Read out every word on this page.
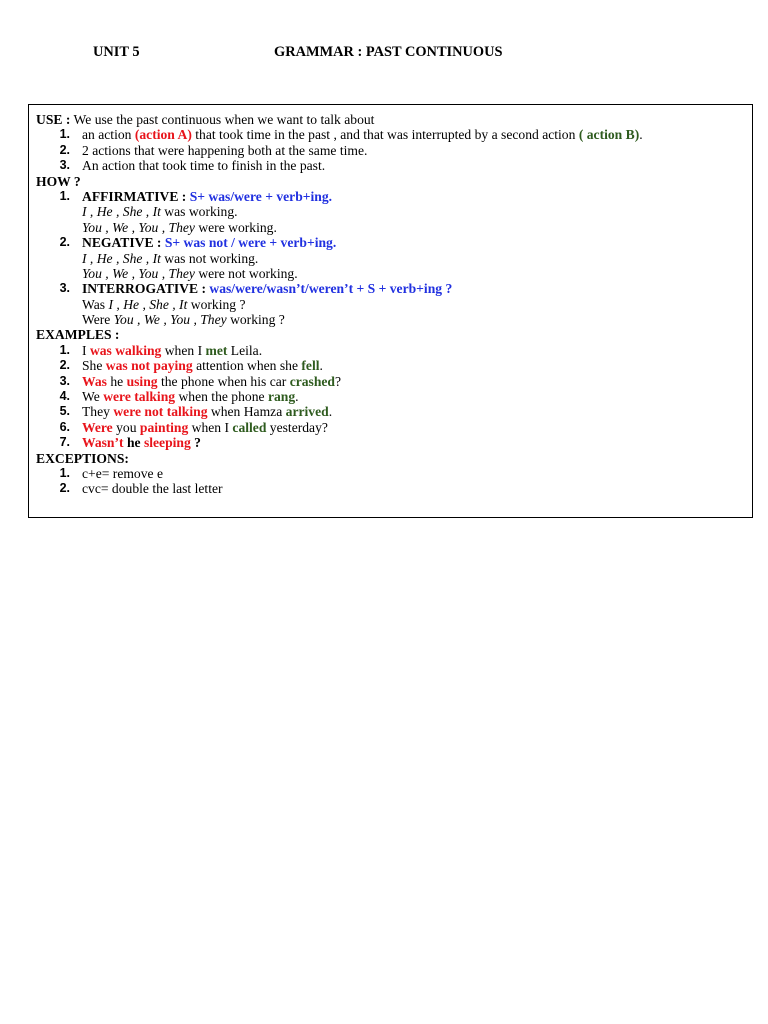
UNIT 5	GRAMMAR : PAST CONTINUOUS
USE : We use the past continuous when we want to talk about
1. an action (action A) that took time in the past , and that was interrupted by a second action ( action B).
2. 2 actions that were happening both at the same time.
3. An action that took time to finish in the past.
HOW ?
1. AFFIRMATIVE : S+ was/were + verb+ing.
I , He , She , It was working.
You , We , You , They were working.
2. NEGATIVE : S+ was not / were + verb+ing.
I , He , She , It was not working.
You , We , You , They were not working.
3. INTERROGATIVE : was/were/wasn’t/weren’t + S + verb+ing ?
Was I , He , She , It working ?
Were You , We , You , They working ?
EXAMPLES :
1. I was walking when I met Leila.
2. She was not paying attention when she fell.
3. Was he using the phone when his car crashed?
4. We were talking when the phone rang.
5. They were not talking when Hamza arrived.
6. Were you painting when I called yesterday?
7. Wasn’t he sleeping ?
EXCEPTIONS:
1. c+e= remove e
2. cvc= double the last letter
